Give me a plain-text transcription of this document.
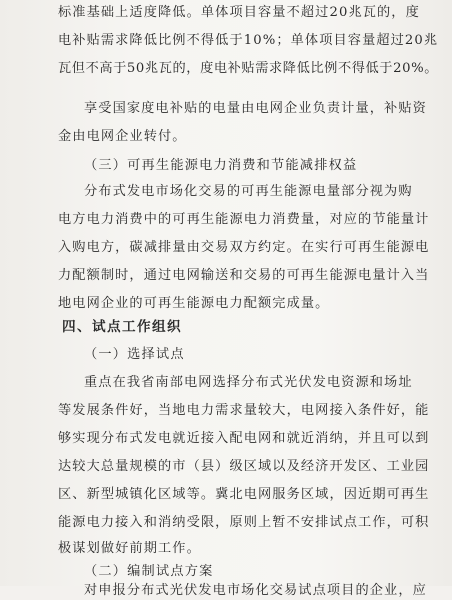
标准基础上适度降低。单体项目容量不超过20兆瓦的，度
电补贴需求降低比例不得低于10%；单体项目容量超过20兆
瓦但不高于50兆瓦的，度电补贴需求降低比例不得低于20%。
享受国家度电补贴的电量由电网企业负责计量，补贴资
金由电网企业转付。
（三）可再生能源电力消费和节能减排权益
分布式发电市场化交易的可再生能源电量部分视为购
电方电力消费中的可再生能源电力消费量，对应的节能量计
入购电方，碳减排量由交易双方约定。在实行可再生能源电
力配额制时，通过电网输送和交易的可再生能源电量计入当
地电网企业的可再生能源电力配额完成量。
四、试点工作组织
（一）选择试点
重点在我省南部电网选择分布式光伏发电资源和场址
等发展条件好，当地电力需求量较大，电网接入条件好，能
够实现分布式发电就近接入配电网和就近消纳，并且可以到
达较大总量规模的市（县）级区域以及经济开发区、工业园
区、新型城镇化区域等。冀北电网服务区域，因近期可再生
能源电力接入和消纳受限，原则上暂不安排试点工作，可积
极谋划做好前期工作。
（二）编制试点方案
对申报分布式光伏发电市场化交易试点项目的企业，应
